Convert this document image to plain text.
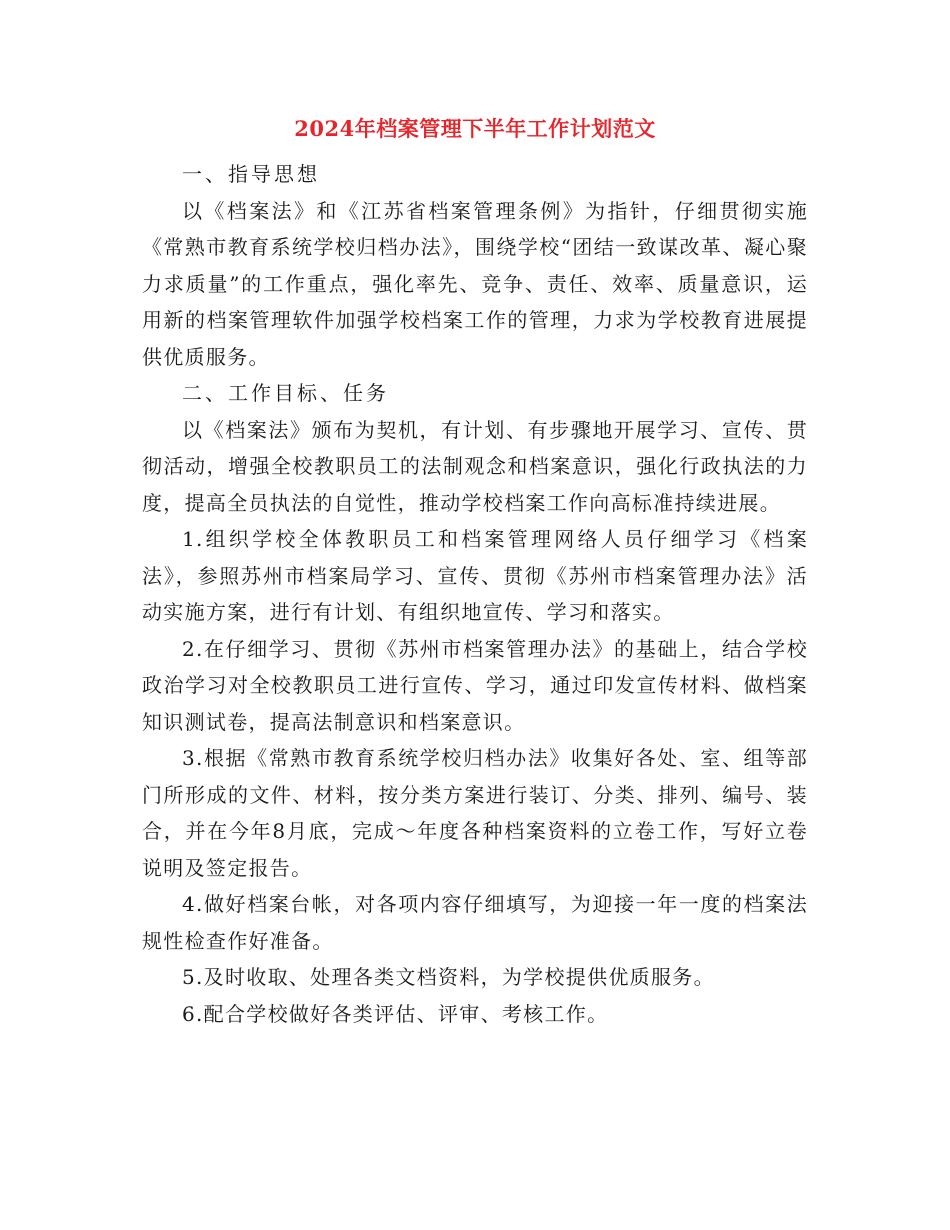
2024年档案管理下半年工作计划范文

一、指导思想

以《档案法》和《江苏省档案管理条例》为指针，仔细贯彻实施《常熟市教育系统学校归档办法》，围绕学校“团结一致谋改革、凝心聚力求质量”的工作重点，强化率先、竞争、责任、效率、质量意识，运用新的档案管理软件加强学校档案工作的管理，力求为学校教育进展提供优质服务。

二、工作目标、任务

以《档案法》颁布为契机，有计划、有步骤地开展学习、宣传、贯彻活动，增强全校教职员工的法制观念和档案意识，强化行政执法的力度，提高全员执法的自觉性，推动学校档案工作向高标准持续进展。

1.组织学校全体教职员工和档案管理网络人员仔细学习《档案法》，参照苏州市档案局学习、宣传、贯彻《苏州市档案管理办法》活动实施方案，进行有计划、有组织地宣传、学习和落实。

2.在仔细学习、贯彻《苏州市档案管理办法》的基础上，结合学校政治学习对全校教职员工进行宣传、学习，通过印发宣传材料、做档案知识测试卷，提高法制意识和档案意识。

3.根据《常熟市教育系统学校归档办法》收集好各处、室、组等部门所形成的文件、材料，按分类方案进行装订、分类、排列、编号、装合，并在今年8月底，完成～年度各种档案资料的立卷工作，写好立卷说明及签定报告。

4.做好档案台帐，对各项内容仔细填写，为迎接一年一度的档案法规性检查作好准备。

5.及时收取、处理各类文档资料，为学校提供优质服务。

6.配合学校做好各类评估、评审、考核工作。
